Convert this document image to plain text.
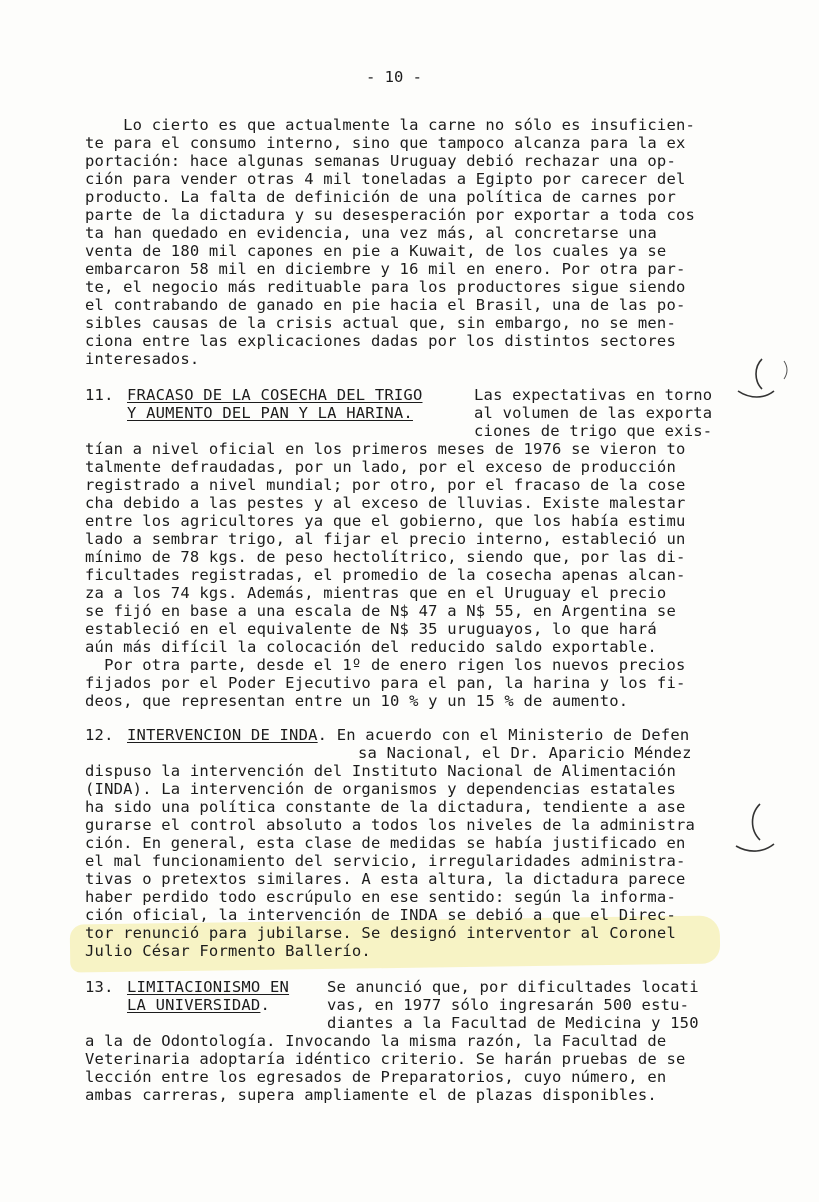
- 10 -
Lo cierto es que actualmente la carne no sólo es insuficien-
te para el consumo interno, sino que tampoco alcanza para la ex
portación: hace algunas semanas Uruguay debió rechazar una op-
ción para vender otras 4 mil toneladas a Egipto por carecer del
producto. La falta de definición de una política de carnes por
parte de la dictadura y su desesperación por exportar a toda cos
ta han quedado en evidencia, una vez más, al concretarse una
venta de 180 mil capones en pie a Kuwait, de los cuales ya se
embarcaron 58 mil en diciembre y 16 mil en enero. Por otra par-
te, el negocio más redituable para los productores sigue siendo
el contrabando de ganado en pie hacia el Brasil, una de las po-
sibles causas de la crisis actual que, sin embargo, no se men-
ciona entre las explicaciones dadas por los distintos sectores
interesados.
11. FRACASO DE LA COSECHA DEL TRIGO
Y AUMENTO DEL PAN Y LA HARINA.
Las expectativas en torno
al volumen de las exporta
ciones de trigo que exis-
tían a nivel oficial en los primeros meses de 1976 se vieron to
talmente defraudadas, por un lado, por el exceso de producción
registrado a nivel mundial; por otro, por el fracaso de la cose
cha debido a las pestes y al exceso de lluvias. Existe malestar
entre los agricultores ya que el gobierno, que los había estimu
lado a sembrar trigo, al fijar el precio interno, estableció un
mínimo de 78 kgs. de peso hectolítrico, siendo que, por las di-
ficultades registradas, el promedio de la cosecha apenas alcan-
za a los 74 kgs. Además, mientras que en el Uruguay el precio
se fijó en base a una escala de N$ 47 a N$ 55, en Argentina se
estableció en el equivalente de N$ 35 uruguayos, lo que hará
aún más difícil la colocación del reducido saldo exportable.
Por otra parte, desde el 1º de enero rigen los nuevos precios
fijados por el Poder Ejecutivo para el pan, la harina y los fi-
deos, que representan entre un 10 % y un 15 % de aumento.
12. INTERVENCION DE INDA. En acuerdo con el Ministerio de Defen
sa Nacional, el Dr. Aparicio Méndez
dispuso la intervención del Instituto Nacional de Alimentación
(INDA). La intervención de organismos y dependencias estatales
ha sido una política constante de la dictadura, tendiente a ase
gurarse el control absoluto a todos los niveles de la administra
ción. En general, esta clase de medidas se había justificado en
el mal funcionamiento del servicio, irregularidades administra-
tivas o pretextos similares. A esta altura, la dictadura parece
haber perdido todo escrúpulo en ese sentido: según la informa-
ción oficial, la intervención de INDA se debió a que el Direc-
tor renunció para jubilarse. Se designó interventor al Coronel
Julio César Formento Ballerío.
13. LIMITACIONISMO EN
LA UNIVERSIDAD.
Se anunció que, por dificultades locati
vas, en 1977 sólo ingresarán 500 estu-
diantes a la Facultad de Medicina y 150
a la de Odontología. Invocando la misma razón, la Facultad de
Veterinaria adoptaría idéntico criterio. Se harán pruebas de se
lección entre los egresados de Preparatorios, cuyo número, en
ambas carreras, supera ampliamente el de plazas disponibles.
